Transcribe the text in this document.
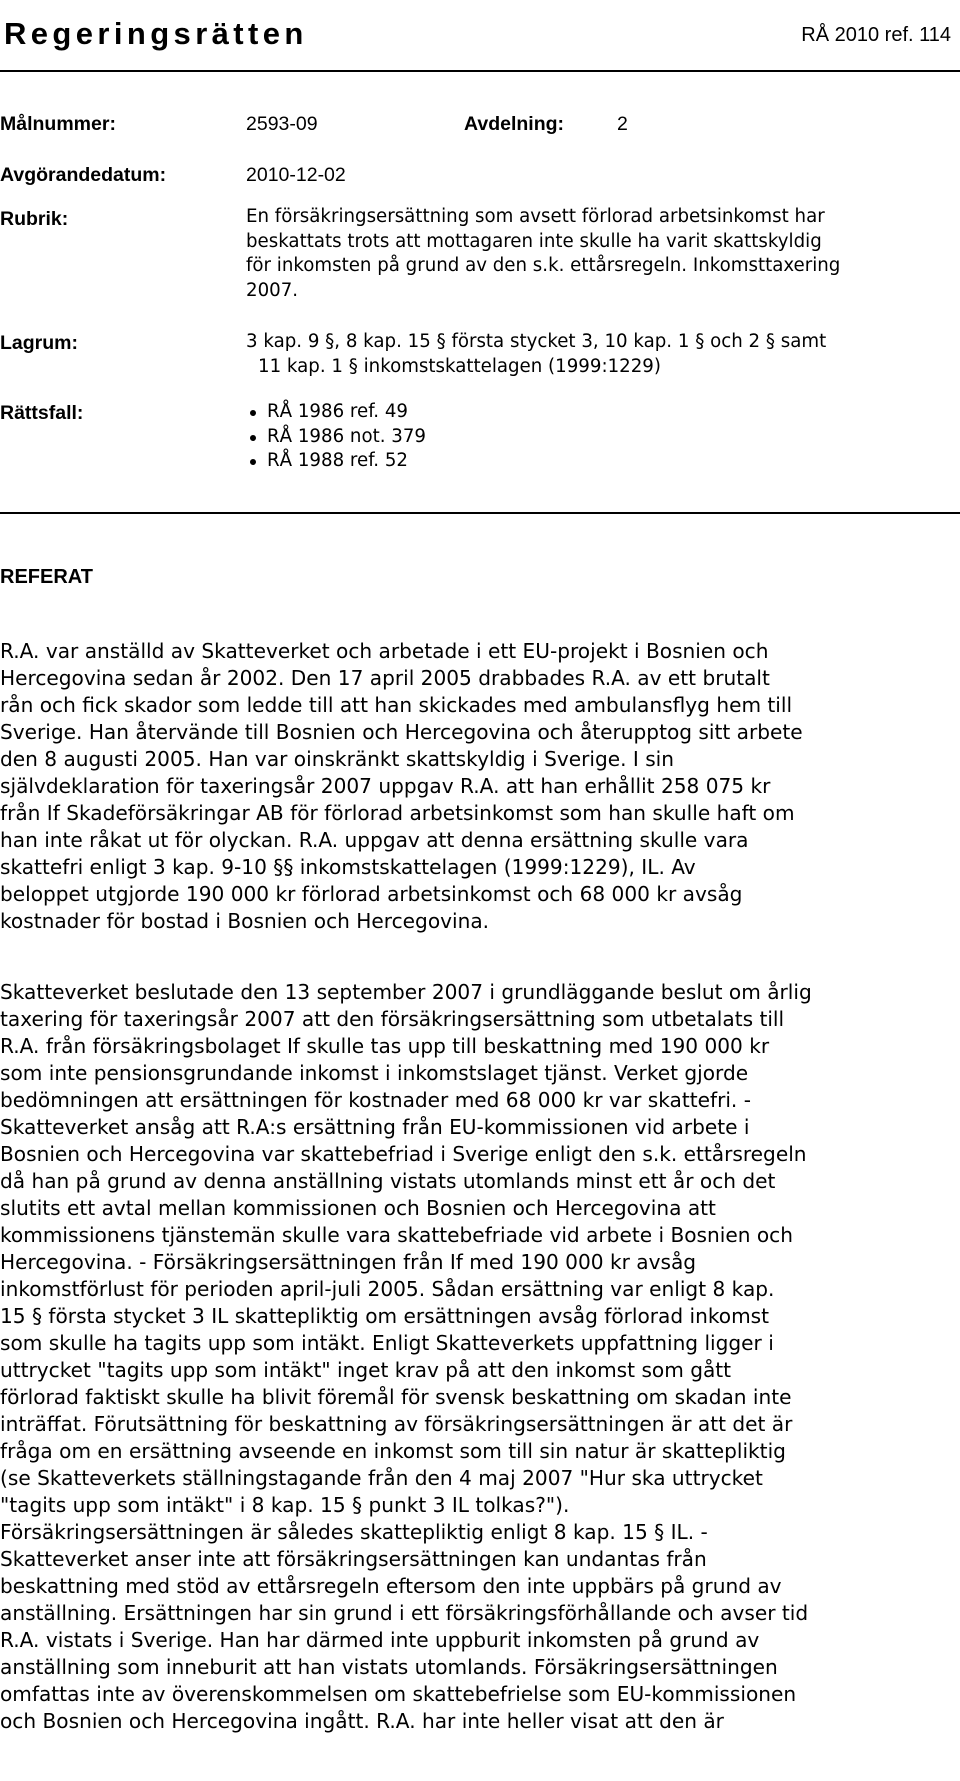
Regeringsrätten	RÅ 2010 ref. 114
Målnummer:	2593-09	Avdelning:	2
Avgörandedatum:	2010-12-02
Rubrik:	En försäkringsersättning som avsett förlorad arbetsinkomst har
beskattats trots att mottagaren inte skulle ha varit skattskyldig
för inkomsten på grund av den s.k. ettårsregeln. Inkomsttaxering
2007.
Lagrum:	3 kap. 9 §, 8 kap. 15 § första stycket 3, 10 kap. 1 § och 2 § samt
11 kap. 1 § inkomstskattelagen (1999:1229)
Rättsfall:	RÅ 1986 ref. 49
RÅ 1986 not. 379
RÅ 1988 ref. 52
REFERAT
R.A. var anställd av Skatteverket och arbetade i ett EU-projekt i Bosnien och
Hercegovina sedan år 2002. Den 17 april 2005 drabbades R.A. av ett brutalt
rån och fick skador som ledde till att han skickades med ambulansflyg hem till
Sverige. Han återvände till Bosnien och Hercegovina och återupptog sitt arbete
den 8 augusti 2005. Han var oinskränkt skattskyldig i Sverige. I sin
självdeklaration för taxeringsår 2007 uppgav R.A. att han erhållit 258 075 kr
från If Skadeförsäkringar AB för förlorad arbetsinkomst som han skulle haft om
han inte råkat ut för olyckan. R.A. uppgav att denna ersättning skulle vara
skattefri enligt 3 kap. 9-10 §§ inkomstskattelagen (1999:1229), IL. Av
beloppet utgjorde 190 000 kr förlorad arbetsinkomst och 68 000 kr avsåg
kostnader för bostad i Bosnien och Hercegovina.
Skatteverket beslutade den 13 september 2007 i grundläggande beslut om årlig
taxering för taxeringsår 2007 att den försäkringsersättning som utbetalats till
R.A. från försäkringsbolaget If skulle tas upp till beskattning med 190 000 kr
som inte pensionsgrundande inkomst i inkomstslaget tjänst. Verket gjorde
bedömningen att ersättningen för kostnader med 68 000 kr var skattefri. -
Skatteverket ansåg att R.A:s ersättning från EU-kommissionen vid arbete i
Bosnien och Hercegovina var skattebefriad i Sverige enligt den s.k. ettårsregeln
då han på grund av denna anställning vistats utomlands minst ett år och det
slutits ett avtal mellan kommissionen och Bosnien och Hercegovina att
kommissionens tjänstemän skulle vara skattebefriade vid arbete i Bosnien och
Hercegovina. - Försäkringsersättningen från If med 190 000 kr avsåg
inkomstförlust för perioden april-juli 2005. Sådan ersättning var enligt 8 kap.
15 § första stycket 3 IL skattepliktig om ersättningen avsåg förlorad inkomst
som skulle ha tagits upp som intäkt. Enligt Skatteverkets uppfattning ligger i
uttrycket "tagits upp som intäkt" inget krav på att den inkomst som gått
förlorad faktiskt skulle ha blivit föremål för svensk beskattning om skadan inte
inträffat. Förutsättning för beskattning av försäkringsersättningen är att det är
fråga om en ersättning avseende en inkomst som till sin natur är skattepliktig
(se Skatteverkets ställningstagande från den 4 maj 2007 "Hur ska uttrycket
"tagits upp som intäkt" i 8 kap. 15 § punkt 3 IL tolkas?").
Försäkringsersättningen är således skattepliktig enligt 8 kap. 15 § IL. -
Skatteverket anser inte att försäkringsersättningen kan undantas från
beskattning med stöd av ettårsregeln eftersom den inte uppbärs på grund av
anställning. Ersättningen har sin grund i ett försäkringsförhållande och avser tid
R.A. vistats i Sverige. Han har därmed inte uppburit inkomsten på grund av
anställning som inneburit att han vistats utomlands. Försäkringsersättningen
omfattas inte av överenskommelsen om skattebefrielse som EU-kommissionen
och Bosnien och Hercegovina ingått. R.A. har inte heller visat att den är
